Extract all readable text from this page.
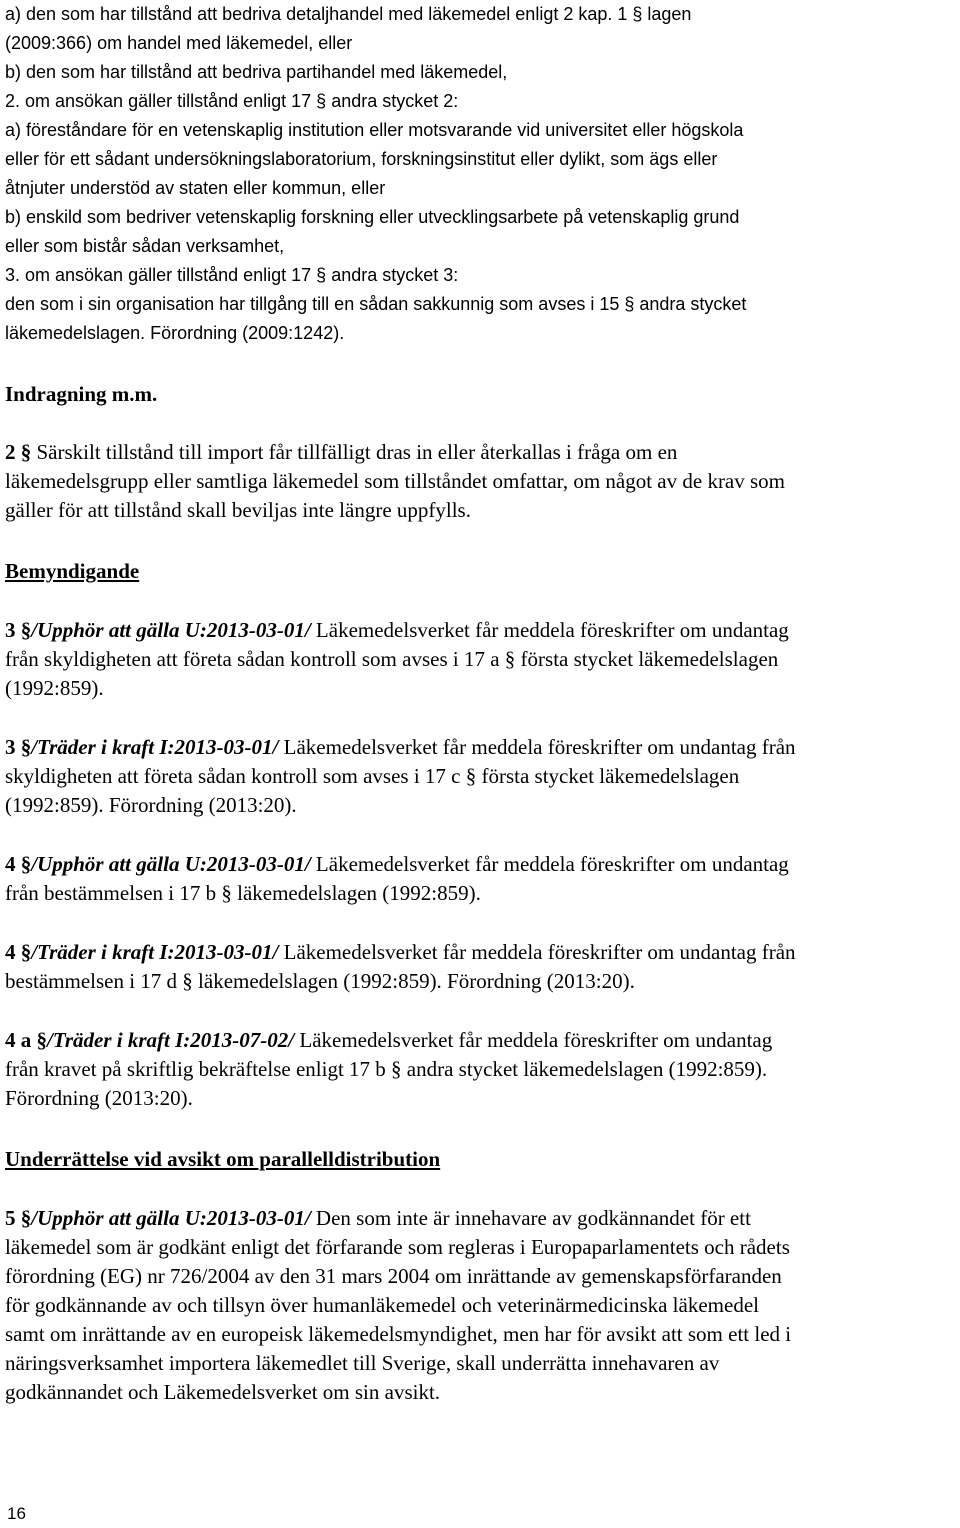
a) den som har tillstånd att bedriva detaljhandel med läkemedel enligt 2 kap. 1 § lagen
(2009:366) om handel med läkemedel, eller
b) den som har tillstånd att bedriva partihandel med läkemedel,
2. om ansökan gäller tillstånd enligt 17 § andra stycket 2:
a) föreståndare för en vetenskaplig institution eller motsvarande vid universitet eller högskola
eller för ett sådant undersökningslaboratorium, forskningsinstitut eller dylikt, som ägs eller
åtnjuter understöd av staten eller kommun, eller
b) enskild som bedriver vetenskaplig forskning eller utvecklingsarbete på vetenskaplig grund
eller som bistår sådan verksamhet,
3. om ansökan gäller tillstånd enligt 17 § andra stycket 3:
den som i sin organisation har tillgång till en sådan sakkunnig som avses i 15 § andra stycket
läkemedelslagen. Förordning (2009:1242).
Indragning m.m.
2 § Särskilt tillstånd till import får tillfälligt dras in eller återkallas i fråga om en
läkemedelsgrupp eller samtliga läkemedel som tillståndet omfattar, om något av de krav som
gäller för att tillstånd skall beviljas inte längre uppfylls.
Bemyndigande
3 §/Upphör att gälla U:2013-03-01/ Läkemedelsverket får meddela föreskrifter om undantag
från skyldigheten att företa sådan kontroll som avses i 17 a § första stycket läkemedelslagen
(1992:859).
3 §/Träder i kraft I:2013-03-01/ Läkemedelsverket får meddela föreskrifter om undantag från
skyldigheten att företa sådan kontroll som avses i 17 c § första stycket läkemedelslagen
(1992:859). Förordning (2013:20).
4 §/Upphör att gälla U:2013-03-01/ Läkemedelsverket får meddela föreskrifter om undantag
från bestämmelsen i 17 b § läkemedelslagen (1992:859).
4 §/Träder i kraft I:2013-03-01/ Läkemedelsverket får meddela föreskrifter om undantag från
bestämmelsen i 17 d § läkemedelslagen (1992:859). Förordning (2013:20).
4 a §/Träder i kraft I:2013-07-02/ Läkemedelsverket får meddela föreskrifter om undantag
från kravet på skriftlig bekräftelse enligt 17 b § andra stycket läkemedelslagen (1992:859).
Förordning (2013:20).
Underrättelse vid avsikt om parallelldistribution
5 §/Upphör att gälla U:2013-03-01/ Den som inte är innehavare av godkännandet för ett
läkemedel som är godkänt enligt det förfarande som regleras i Europaparlamentets och rådets
förordning (EG) nr 726/2004 av den 31 mars 2004 om inrättande av gemenskapsförfaranden
för godkännande av och tillsyn över humanläkemedel och veterinärmedicinska läkemedel
samt om inrättande av en europeisk läkemedelsmyndighet, men har för avsikt att som ett led i
näringsverksamhet importera läkemedlet till Sverige, skall underrätta innehavaren av
godkännandet och Läkemedelsverket om sin avsikt.
16
